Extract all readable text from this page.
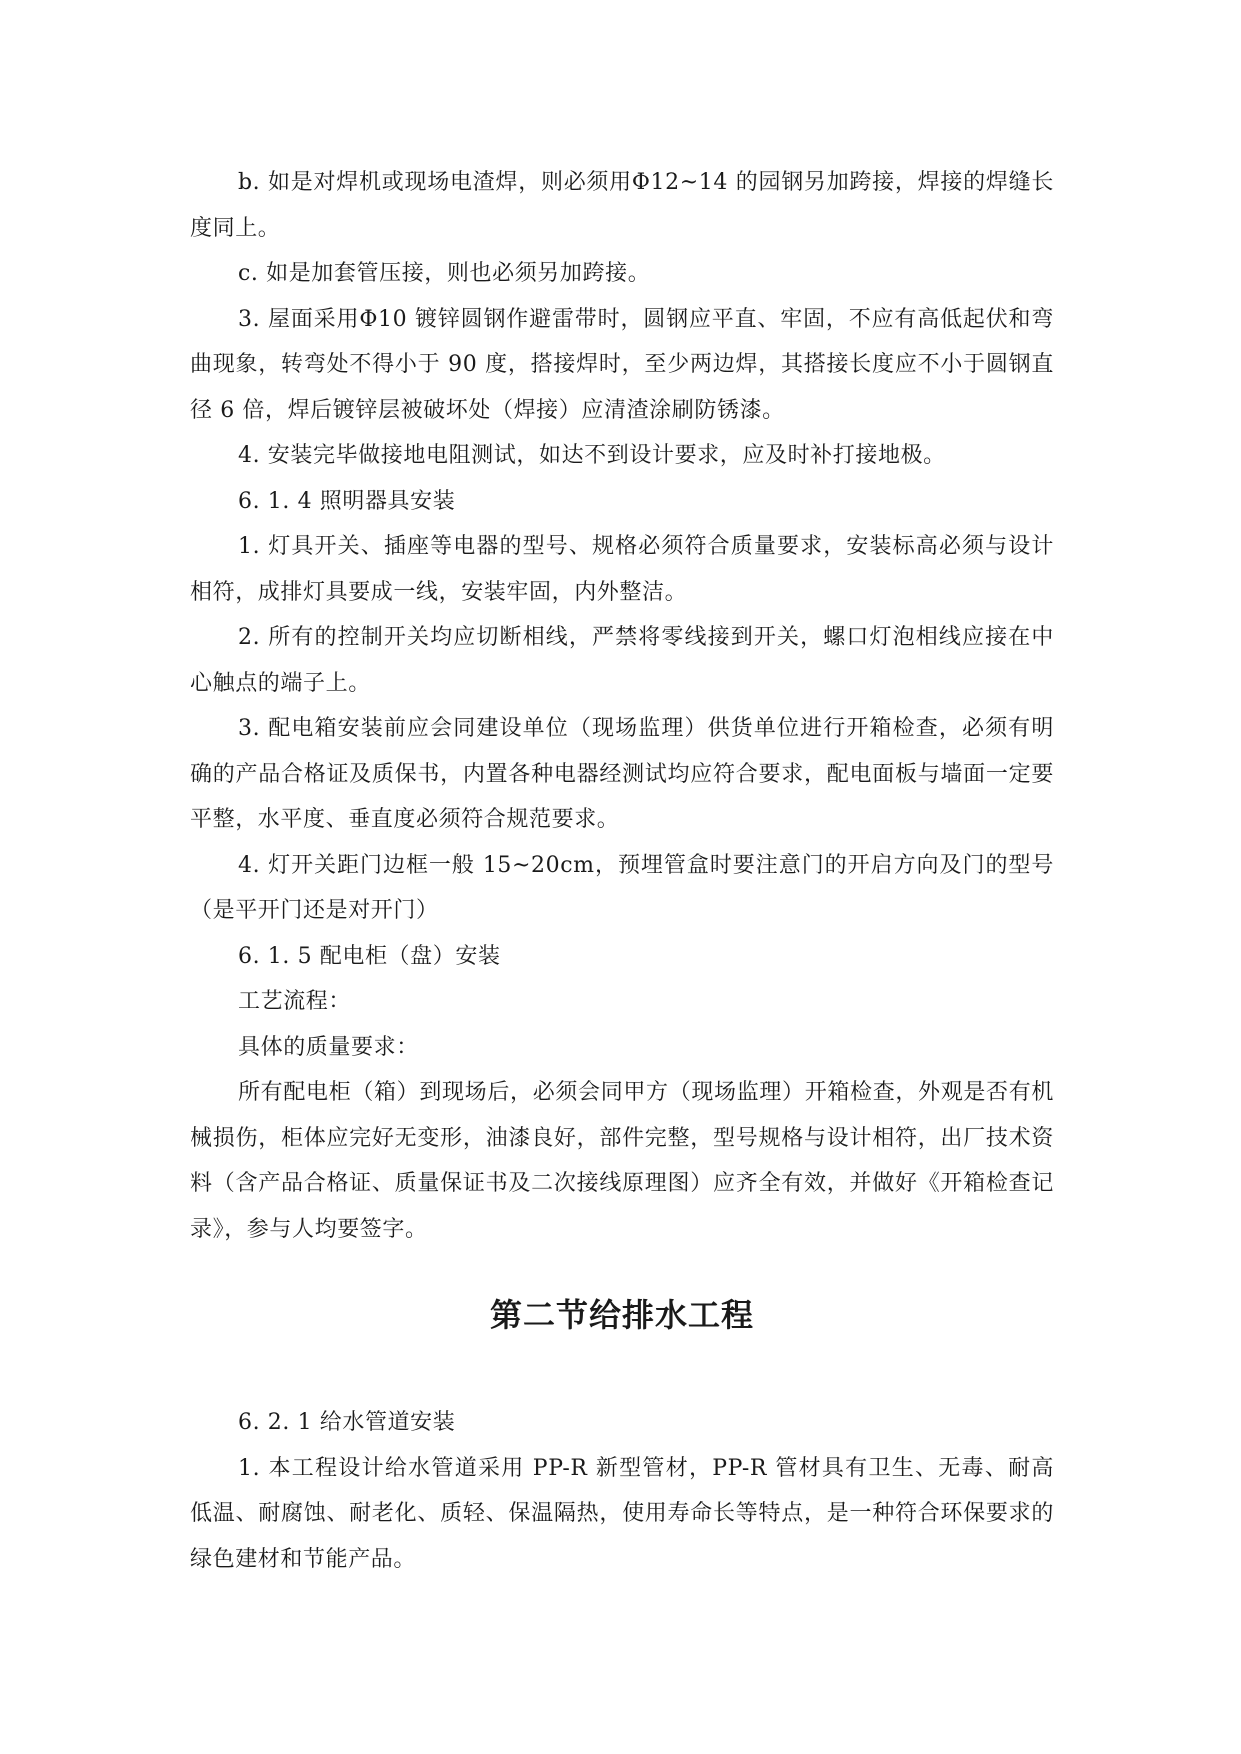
b. 如是对焊机或现场电渣焊，则必须用Φ12~14 的园钢另加跨接，焊接的焊缝长度同上。

c. 如是加套管压接，则也必须另加跨接。

3. 屋面采用Φ10 镀锌圆钢作避雷带时，圆钢应平直、牢固，不应有高低起伏和弯曲现象，转弯处不得小于 90 度，搭接焊时，至少两边焊，其搭接长度应不小于圆钢直径 6 倍，焊后镀锌层被破坏处（焊接）应清渣涂刷防锈漆。

4. 安装完毕做接地电阻测试，如达不到设计要求，应及时补打接地极。

6. 1. 4 照明器具安装

1. 灯具开关、插座等电器的型号、规格必须符合质量要求，安装标高必须与设计相符，成排灯具要成一线，安装牢固，内外整洁。

2. 所有的控制开关均应切断相线，严禁将零线接到开关，螺口灯泡相线应接在中心触点的端子上。

3. 配电箱安装前应会同建设单位（现场监理）供货单位进行开箱检查，必须有明确的产品合格证及质保书，内置各种电器经测试均应符合要求，配电面板与墙面一定要平整，水平度、垂直度必须符合规范要求。

4. 灯开关距门边框一般 15~20cm，预埋管盒时要注意门的开启方向及门的型号（是平开门还是对开门）

6. 1. 5 配电柜（盘）安装

工艺流程：

具体的质量要求：

所有配电柜（箱）到现场后，必须会同甲方（现场监理）开箱检查，外观是否有机械损伤，柜体应完好无变形，油漆良好，部件完整，型号规格与设计相符，出厂技术资料（含产品合格证、质量保证书及二次接线原理图）应齐全有效，并做好《开箱检查记录》，参与人均要签字。

第二节给排水工程

6. 2. 1 给水管道安装

1. 本工程设计给水管道采用 PP-R 新型管材，PP-R 管材具有卫生、无毒、耐高低温、耐腐蚀、耐老化、质轻、保温隔热，使用寿命长等特点，是一种符合环保要求的绿色建材和节能产品。
